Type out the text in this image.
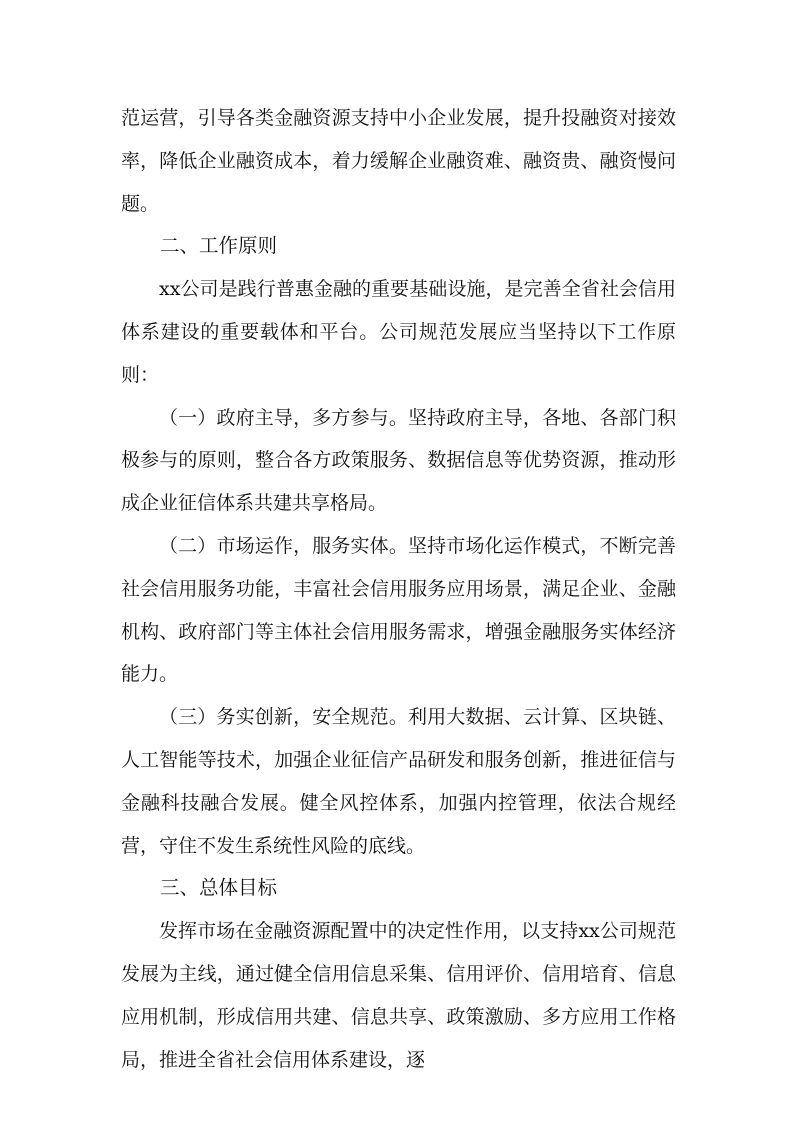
范运营，引导各类金融资源支持中小企业发展，提升投融资对接效率，降低企业融资成本，着力缓解企业融资难、融资贵、融资慢问题。

二、工作原则

xx公司是践行普惠金融的重要基础设施，是完善全省社会信用体系建设的重要载体和平台。公司规范发展应当坚持以下工作原则：

（一）政府主导，多方参与。坚持政府主导，各地、各部门积极参与的原则，整合各方政策服务、数据信息等优势资源，推动形成企业征信体系共建共享格局。

（二）市场运作，服务实体。坚持市场化运作模式，不断完善社会信用服务功能，丰富社会信用服务应用场景，满足企业、金融机构、政府部门等主体社会信用服务需求，增强金融服务实体经济能力。

（三）务实创新，安全规范。利用大数据、云计算、区块链、人工智能等技术，加强企业征信产品研发和服务创新，推进征信与金融科技融合发展。健全风控体系，加强内控管理，依法合规经营，守住不发生系统性风险的底线。

三、总体目标

发挥市场在金融资源配置中的决定性作用，以支持xx公司规范发展为主线，通过健全信用信息采集、信用评价、信用培育、信息应用机制，形成信用共建、信息共享、政策激励、多方应用工作格局，推进全省社会信用体系建设，逐
